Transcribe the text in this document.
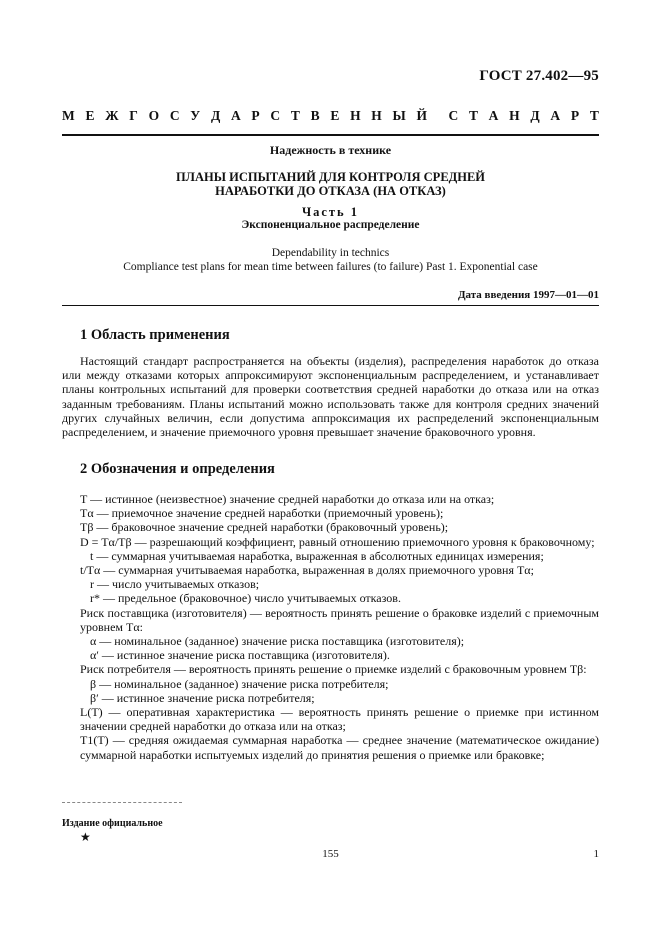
ГОСТ 27.402—95
М Е Ж Г О С У Д А Р С Т В Е Н Н Ы Й С Т А Н Д А Р Т
Надежность в технике
ПЛАНЫ ИСПЫТАНИЙ ДЛЯ КОНТРОЛЯ СРЕДНЕЙ
НАРАБОТКИ ДО ОТКАЗА (НА ОТКАЗ)
Часть 1
Экспоненциальное распределение
Dependability in technics
Compliance test plans for mean time between failures (to failure) Past 1. Exponential case
Дата введения 1997—01—01
1 Область применения
Настоящий стандарт распространяется на объекты (изделия), распределения наработок до отказа или между отказами которых аппроксимируют экспоненциальным распределением, и устанавливает планы контрольных испытаний для проверки соответствия средней наработки до отказа или на отказ заданным требованиям. Планы испытаний можно использовать также для контроля средних значений других случайных величин, если допустима аппроксимация их распределений экспоненциальным распределением, и значение приемочного уровня превышает значение браковочного уровня.
2 Обозначения и определения
T — истинное (неизвестное) значение средней наработки до отказа или на отказ;
Tα — приемочное значение средней наработки (приемочный уровень);
Tβ — браковочное значение средней наработки (браковочный уровень);
D = Tα/Tβ — разрешающий коэффициент, равный отношению приемочного уровня к браковочному;
t — суммарная учитываемая наработка, выраженная в абсолютных единицах измерения;
t/Tα — суммарная учитываемая наработка, выраженная в долях приемочного уровня Tα;
r — число учитываемых отказов;
r* — предельное (браковочное) число учитываемых отказов.
Риск поставщика (изготовителя) — вероятность принять решение о браковке изделий с приемочным уровнем Tα:
α — номинальное (заданное) значение риска поставщика (изготовителя);
α′ — истинное значение риска поставщика (изготовителя).
Риск потребителя — вероятность принять решение о приемке изделий с браковочным уровнем Tβ:
β — номинальное (заданное) значение риска потребителя;
β′ — истинное значение риска потребителя;
L(T) — оперативная характеристика — вероятность принять решение о приемке при истинном значении средней наработки до отказа или на отказ;
T1(T) — средняя ожидаемая суммарная наработка — среднее значение (математическое ожидание) суммарной наработки испытуемых изделий до принятия решения о приемке или браковке;
Издание официальное
★
155	1
